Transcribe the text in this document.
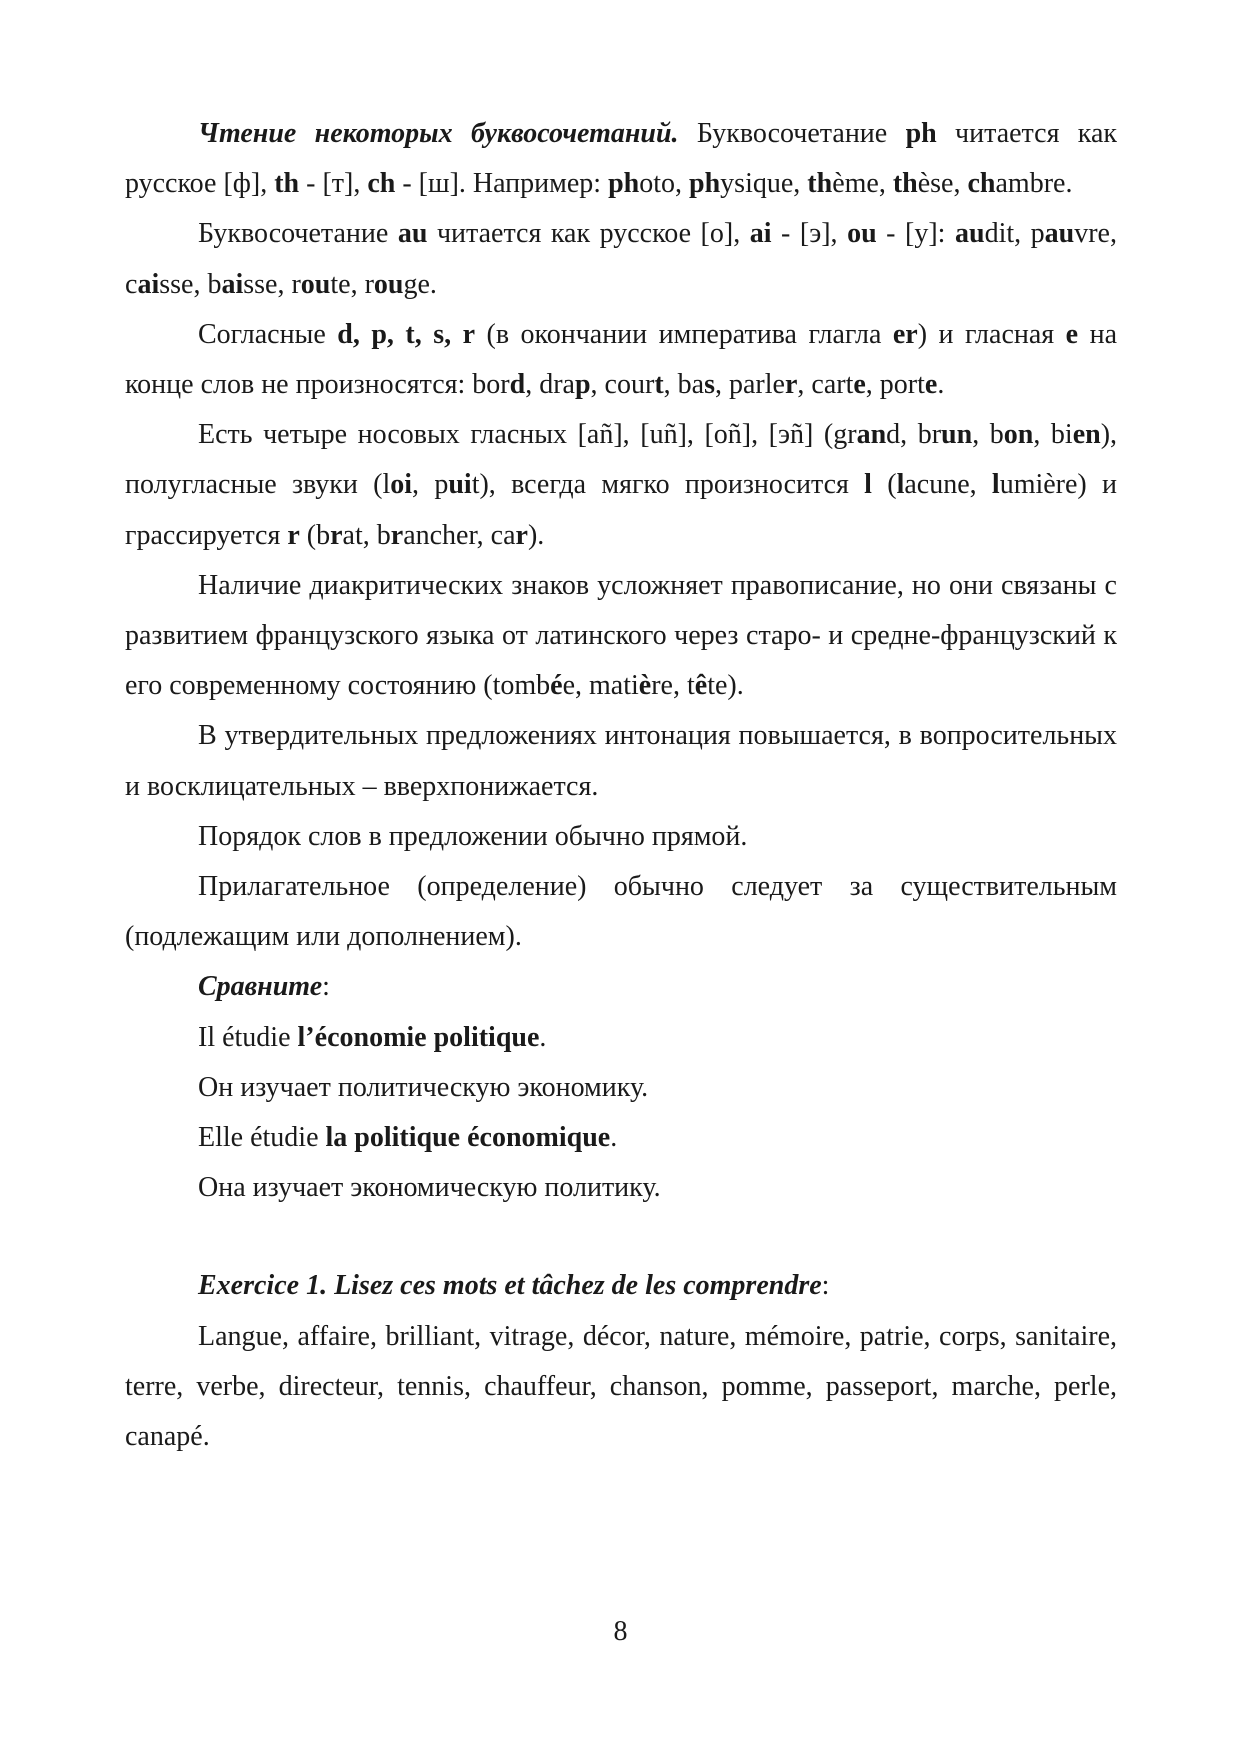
Чтение некоторых буквосочетаний. Буквосочетание ph читается как русское [ф], th - [т], ch - [ш]. Например: photo, physique, thème, thèse, chambre.

Буквосочетание au читается как русское [о], ai - [э], ou - [у]: audit, pauvre, caisse, baisse, route, rouge.

Согласные d, p, t, s, r (в окончании императива глагла er) и гласная e на конце слов не произносятся: bord, drap, court, bas, parler, carte, porte.

Есть четыре носовых гласных [аñ], [uñ], [оñ], [эñ] (grand, brun, bon, bien), полугласные звуки (loi, puit), всегда мягко произносится l (lacune, lumière) и грассируется r (brat, brancher, car).

Наличие диакритических знаков усложняет правописание, но они связаны с развитием французского языка от латинского через старо- и средне-французский к его современному состоянию (tombée, matière, tête).

В утвердительных предложениях интонация повышается, в вопросительных и восклицательных – вверхпонижается.

Порядок слов в предложении обычно прямой.

Прилагательное (определение) обычно следует за существительным (подлежащим или дополнением).

Сравните:

Il étudie l’économie politique.

Он изучает политическую экономику.

Elle étudie la politique économique.

Она изучает экономическую политику.

Exercice 1. Lisez ces mots et tâchez de les comprendre:

Langue, affaire, brilliant, vitrage, décor, nature, mémoire, patrie, corps, sanitaire, terre, verbe, directeur, tennis, chauffeur, chanson, pomme, passeport, marche, perle, canapé.

8
